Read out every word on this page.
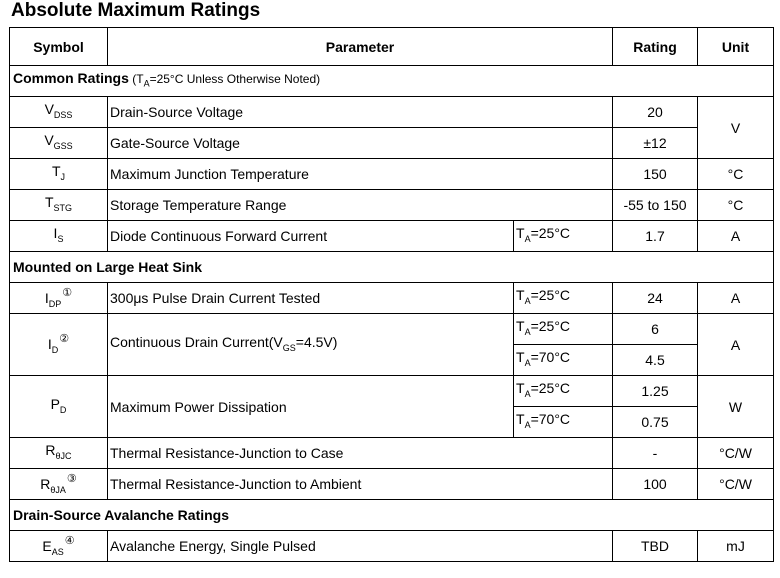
Absolute Maximum Ratings
Symbol	Parameter		Rating	Unit
Common Ratings ($T_A=25^\circ C$ Unless Otherwise Noted)				
$V_{DSS}$	Drain-Source Voltage		20	V
$V_{GSS}$	Gate-Source Voltage		±12	
$T_J$	Maximum Junction Temperature		150	°C
$T_{STG}$	Storage Temperature Range		-55 to 150	°C
$I_S$	Diode Continuous Forward Current	$T_A=25^\circ C$	1.7	A
Mounted on Large Heat Sink				
$I_{DP}^①$	300μs Pulse Drain Current Tested	$T_A=25^\circ C$	24	A
$I_D^②$	Continuous Drain $Current(V_{GS}=4.5V)$	$T_A=25^\circ C$	6	A
		$T_A=70^\circ C$	4.5	
$P_D$	Maximum Power Dissipation	$T_A=25^\circ C$	1.25	W
		$T_A=70^\circ C$	0.75	
$R_{\theta JC}$	Thermal Resistance-Junction to Case		-	°C/W
$R_{\theta JA}^③$	Thermal Resistance-Junction to Ambient		100	°C/W
Drain-Source Avalanche Ratings				
$E_{AS}^④$	Avalanche Energy, Single Pulsed		TBD	mJ
